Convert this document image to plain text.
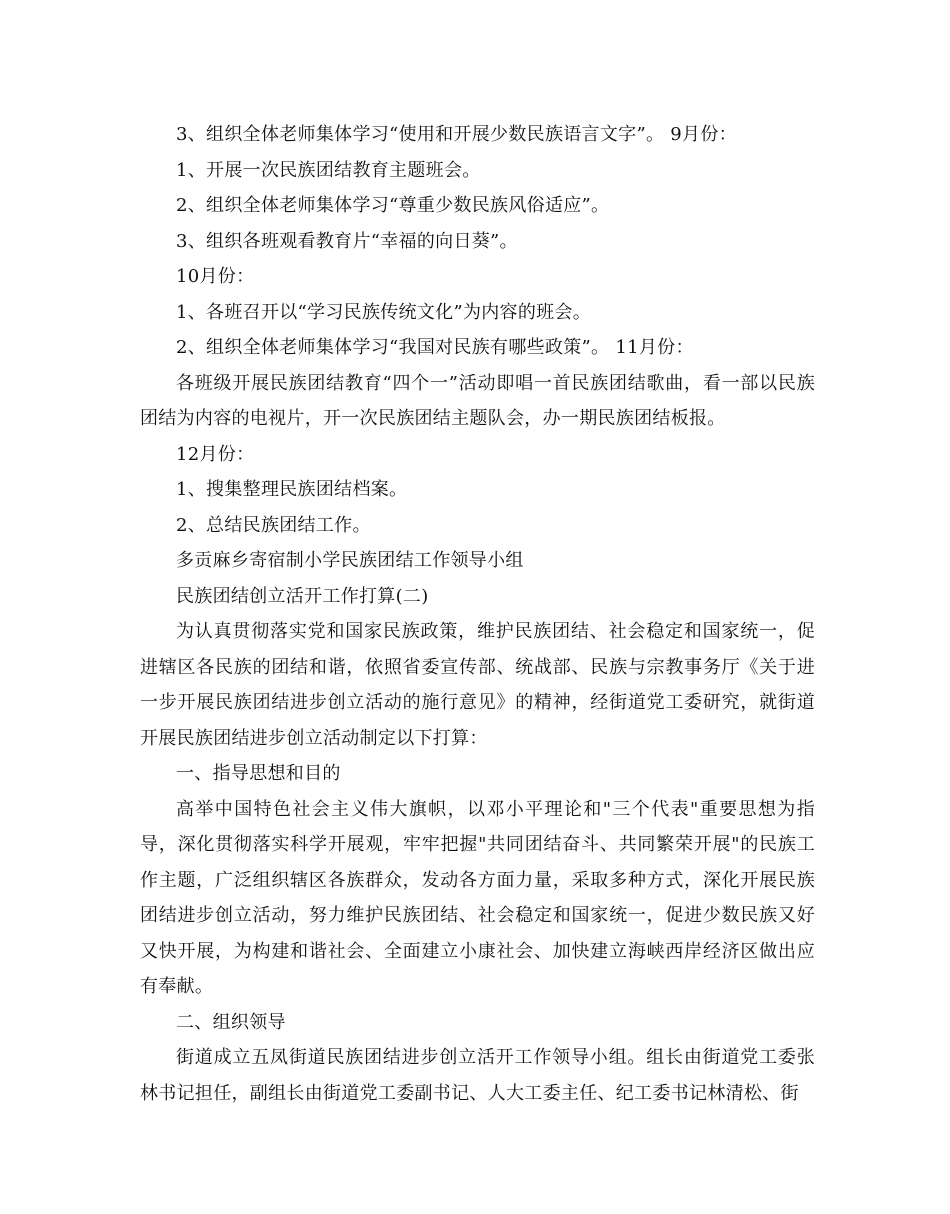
3、组织全体老师集体学习“使用和开展少数民族语言文字”。 9月份：

1、开展一次民族团结教育主题班会。

2、组织全体老师集体学习“尊重少数民族风俗适应”。

3、组织各班观看教育片“幸福的向日葵”。

10月份：

1、各班召开以“学习民族传统文化”为内容的班会。

2、组织全体老师集体学习“我国对民族有哪些政策”。 11月份：

各班级开展民族团结教育“四个一”活动即唱一首民族团结歌曲，看一部以民族团结为内容的电视片，开一次民族团结主题队会，办一期民族团结板报。

12月份：

1、搜集整理民族团结档案。

2、总结民族团结工作。

多贡麻乡寄宿制小学民族团结工作领导小组

民族团结创立活开工作打算(二)

为认真贯彻落实党和国家民族政策，维护民族团结、社会稳定和国家统一，促进辖区各民族的团结和谐，依照省委宣传部、统战部、民族与宗教事务厅《关于进一步开展民族团结进步创立活动的施行意见》的精神，经街道党工委研究，就街道开展民族团结进步创立活动制定以下打算：

一、指导思想和目的

高举中国特色社会主义伟大旗帜，以邓小平理论和"三个代表"重要思想为指导，深化贯彻落实科学开展观，牢牢把握"共同团结奋斗、共同繁荣开展"的民族工作主题，广泛组织辖区各族群众，发动各方面力量，采取多种方式，深化开展民族团结进步创立活动，努力维护民族团结、社会稳定和国家统一，促进少数民族又好又快开展，为构建和谐社会、全面建立小康社会、加快建立海峡西岸经济区做出应有奉献。

二、组织领导

街道成立五凤街道民族团结进步创立活开工作领导小组。组长由街道党工委张林书记担任，副组长由街道党工委副书记、人大工委主任、纪工委书记林清松、街
